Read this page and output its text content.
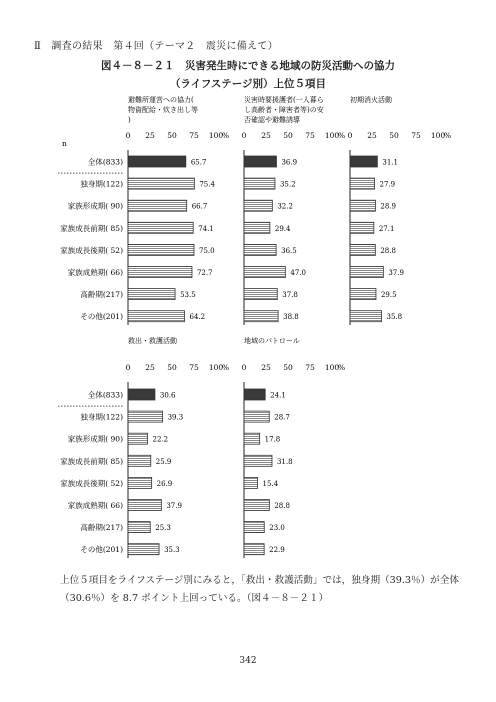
Ⅱ　調査の結果　第４回（テーマ２　震災に備えて）
図４－８－２１　災害発生時にできる地域の防災活動への協力
（ライフステージ別）上位５項目
0 25 50 75 100
% 0 25 50 75 100
% 0 25 50 75 100
%
n
全体(833)
独身期(122)
家族形成期( 90)
家族成長前期( 85)
家族成長後期( 52)
家族成熟期( 66)
高齢期(217)
その他(201)
0 25 50 75 100
% 0 25 50 75 100
%
全体(833)
独身期(122)
家族形成期( 90)
家族成長前期( 85)
家族成長後期( 52)
家族成熟期( 66)
高齢期(217)
その他(201)
避難所運営への協力(物資配給・炊き出し等)
災害時要援護者(一人暮らし高齢者・障害者等)の安否確認や避難誘導
初期消火活動
救出・救護活動	地域のパトロール
65.7
75.4
66.7
74.1
75.0
72.7
53.5
64.2
36.9
35.2
32.2
29.4
36.5
47.0
37.8
38.8
31.1
27.9
28.9
27.1
28.8
37.9
29.5
35.8
30.6
39.3
22.2
25.9
26.9
37.9
25.3
35.3
24.1
28.7
17.8
31.8
15.4
28.8
23.0
22.9
上位５項目をライフステージ別にみると，「救出・救護活動」では，独身期（39.3％）が全体（30.6％）を 8.7 ポイント上回っている。（図４－８－２１）
342
